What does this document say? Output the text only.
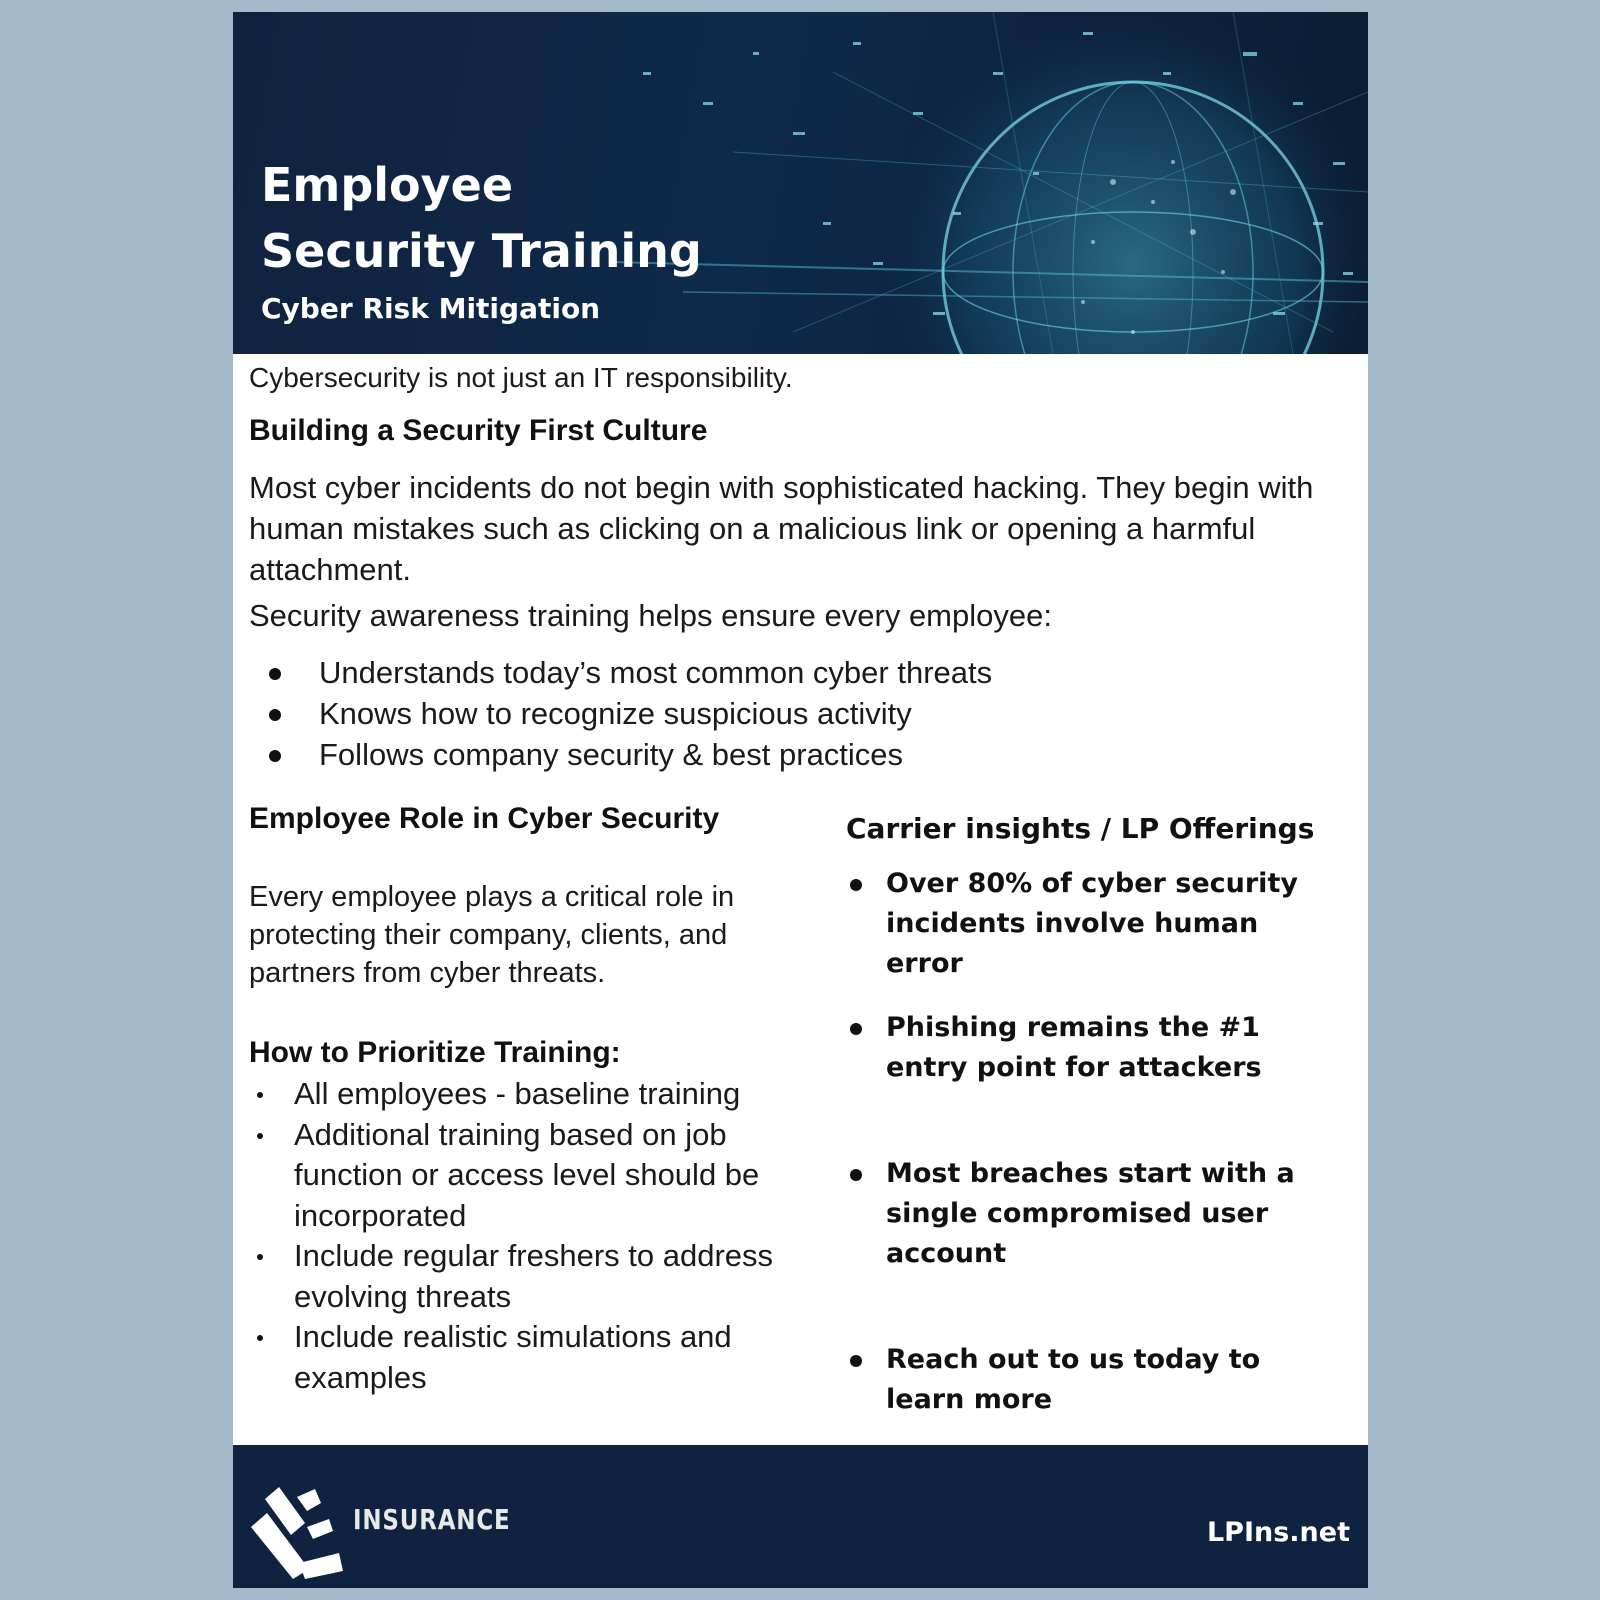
Employee
Security Training

Cyber Risk Mitigation

Cybersecurity is not just an IT responsibility.

Building a Security First Culture

Most cyber incidents do not begin with sophisticated hacking. They begin with human mistakes such as clicking on a malicious link or opening a harmful attachment.

Security awareness training helps ensure every employee:

Understands today’s most common cyber threats
Knows how to recognize suspicious activity
Follows company security & best practices
Employee Role in Cyber Security

Every employee plays a critical role in protecting their company, clients, and partners from cyber threats.

How to Prioritize Training:
All employees - baseline training
Additional training based on job function or access level should be incorporated
Include regular freshers to address evolving threats
Include realistic simulations and examples
Carrier insights / LP Offerings
Over 80% of cyber security incidents involve human error
Phishing remains the #1 entry point for attackers
Most breaches start with a single compromised user account
Reach out to us today to learn more
INSURANCE	LPIns.net
